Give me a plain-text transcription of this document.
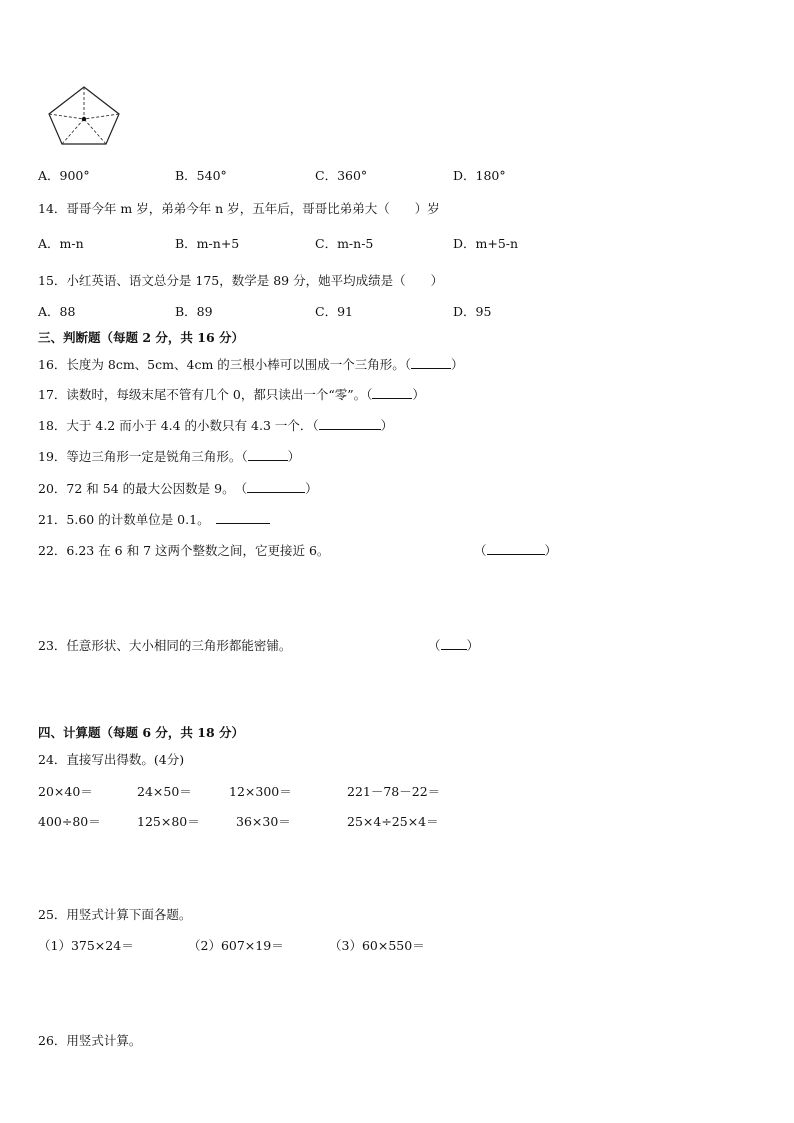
A．900°	B．540°	C．360°	D．180°
14．哥哥今年 m 岁，弟弟今年 n 岁，五年后，哥哥比弟弟大（　　）岁
A．m-n	B．m-n+5	C．m-n-5	D．m+5-n
15．小红英语、语文总分是 175，数学是 89 分，她平均成绩是（　　）
A．88	B．89	C．91	D．95
三、判断题（每题 2 分，共 16 分）
16．长度为 8cm、5cm、4cm 的三根小棒可以围成一个三角形。（	）
17．读数时，每级末尾不管有几个 0，都只读出一个“零”。（	）
18．大于 4.2 而小于 4.4 的小数只有 4.3 一个．（	）
19．等边三角形一定是锐角三角形。（	）
20．72 和 54 的最大公因数是 9。　（	）
21．5.60 的计数单位是 0.1。
22．6.23 在 6 和 7 这两个整数之间，它更接近 6。	（	）
23．任意形状、大小相同的三角形都能密铺。	（ ）
四、计算题（每题 6 分，共 18 分）
24．直接写出得数。(4分)
20×40＝	24×50＝	12×300＝	221－78－22＝
400÷80＝	125×80＝	36×30＝	25×4÷25×4＝
25．用竖式计算下面各题。
（1）375×24＝	（2）607×19＝	（3）60×550＝
26．用竖式计算。
